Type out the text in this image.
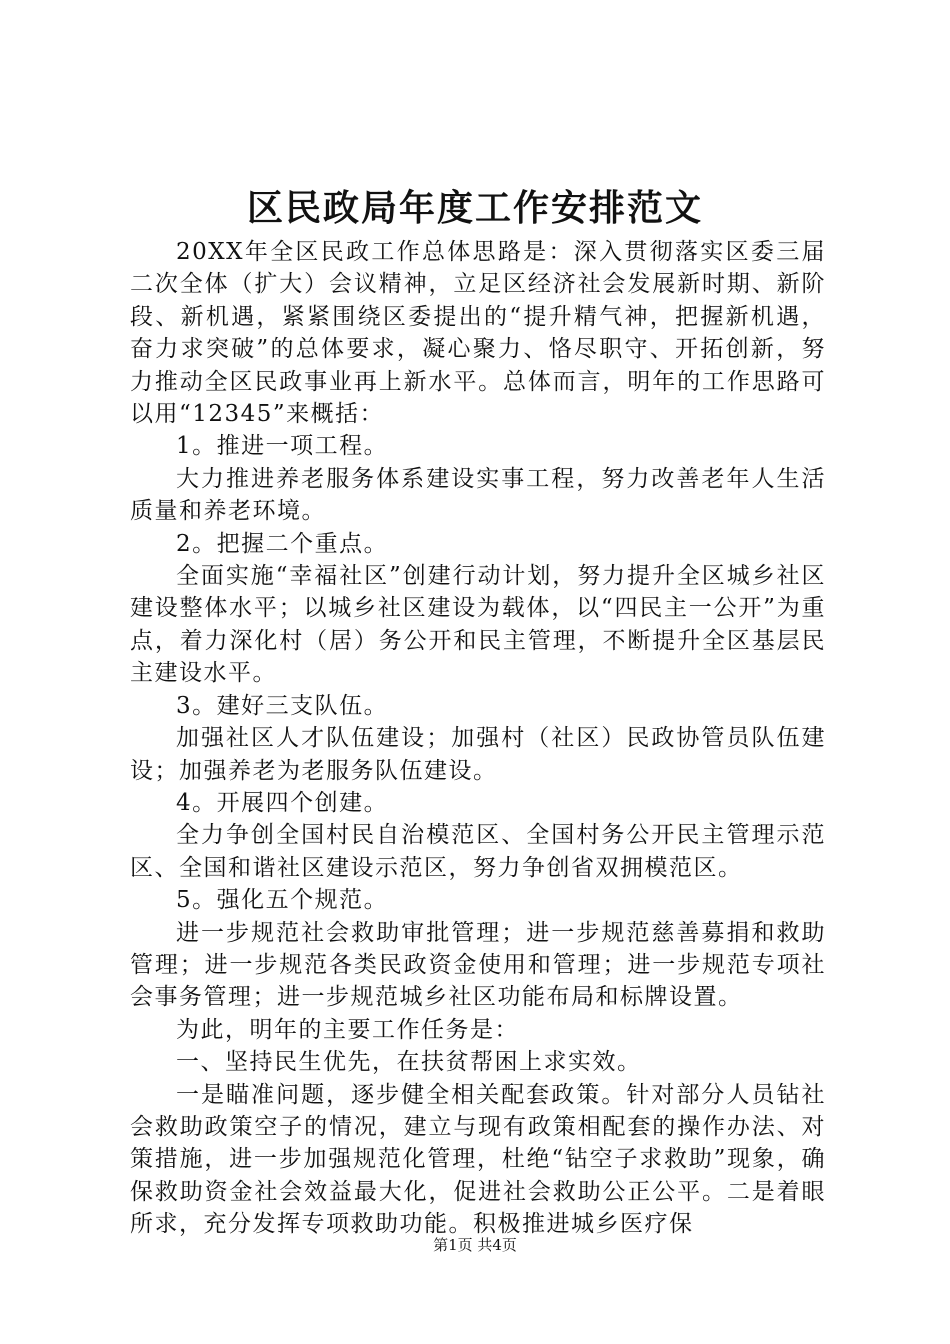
区民政局年度工作安排范文

20XX年全区民政工作总体思路是：深入贯彻落实区委三届二次全体（扩大）会议精神，立足区经济社会发展新时期、新阶段、新机遇，紧紧围绕区委提出的“提升精气神，把握新机遇，奋力求突破”的总体要求，凝心聚力、恪尽职守、开拓创新，努力推动全区民政事业再上新水平。总体而言，明年的工作思路可以用“12345”来概括：

1。推进一项工程。

大力推进养老服务体系建设实事工程，努力改善老年人生活质量和养老环境。

2。把握二个重点。

全面实施“幸福社区”创建行动计划，努力提升全区城乡社区建设整体水平；以城乡社区建设为载体，以“四民主一公开”为重点，着力深化村（居）务公开和民主管理，不断提升全区基层民主建设水平。

3。建好三支队伍。

加强社区人才队伍建设；加强村（社区）民政协管员队伍建设；加强养老为老服务队伍建设。

4。开展四个创建。

全力争创全国村民自治模范区、全国村务公开民主管理示范区、全国和谐社区建设示范区，努力争创省双拥模范区。

5。强化五个规范。

进一步规范社会救助审批管理；进一步规范慈善募捐和救助管理；进一步规范各类民政资金使用和管理；进一步规范专项社会事务管理；进一步规范城乡社区功能布局和标牌设置。

为此，明年的主要工作任务是：

一、坚持民生优先，在扶贫帮困上求实效。

一是瞄准问题，逐步健全相关配套政策。针对部分人员钻社会救助政策空子的情况，建立与现有政策相配套的操作办法、对策措施，进一步加强规范化管理，杜绝“钻空子求救助”现象，确保救助资金社会效益最大化，促进社会救助公正公平。二是着眼所求，充分发挥专项救助功能。积极推进城乡医疗保

第1页 共4页
